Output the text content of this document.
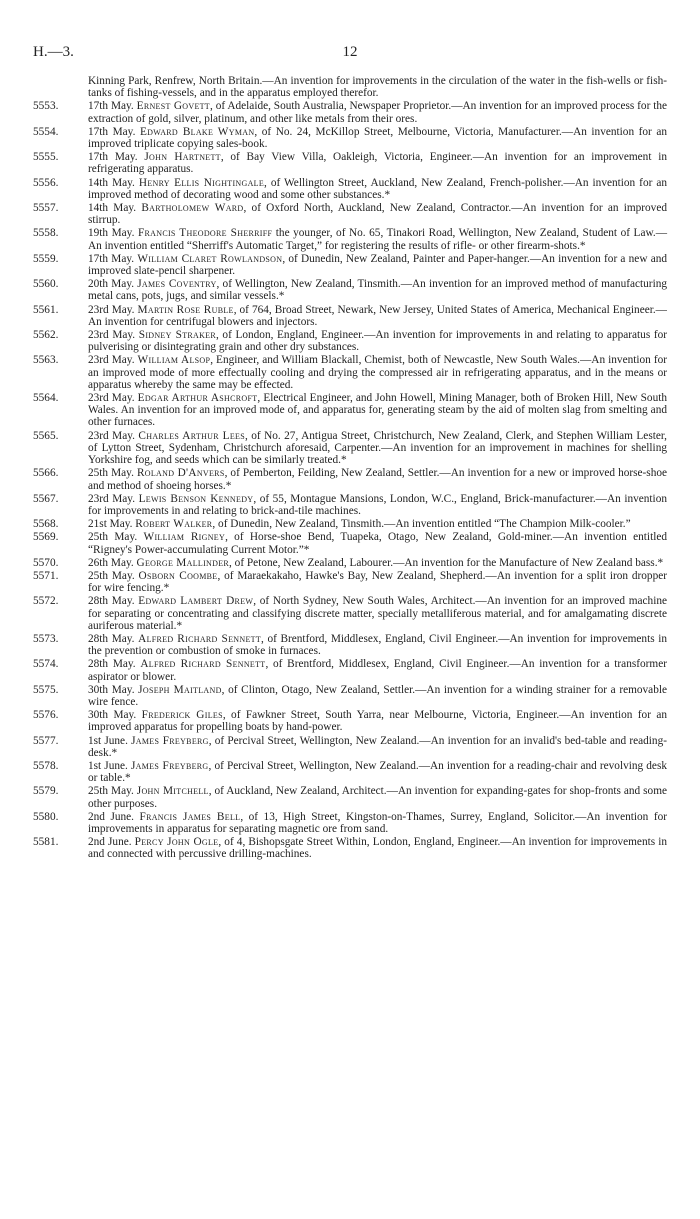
H.—3.	12

Kinning Park, Renfrew, North Britain.—An invention for improvements in the circulation of the water in the fish-wells or fish-tanks of fishing-vessels, and in the apparatus employed therefor.

5553.	17th May. Ernest Govett, of Adelaide, South Australia, Newspaper Proprietor.—An invention for an improved process for the extraction of gold, silver, platinum, and other like metals from their ores.
5554.	17th May. Edward Blake Wyman, of No. 24, McKillop Street, Melbourne, Victoria, Manufacturer.—An invention for an improved triplicate copying sales-book.
5555.	17th May. John Hartnett, of Bay View Villa, Oakleigh, Victoria, Engineer.—An invention for an improvement in refrigerating apparatus.
5556.	14th May. Henry Ellis Nightingale, of Wellington Street, Auckland, New Zealand, French-polisher.—An invention for an improved method of decorating wood and some other substances.*
5557.	14th May. Bartholomew Ward, of Oxford North, Auckland, New Zealand, Contractor.—An invention for an improved stirrup.
5558.	19th May. Francis Theodore Sherriff the younger, of No. 65, Tinakori Road, Wellington, New Zealand, Student of Law.—An invention entitled “Sherriff's Automatic Target,” for registering the results of rifle- or other firearm-shots.*
5559.	17th May. William Claret Rowlandson, of Dunedin, New Zealand, Painter and Paper-hanger.—An invention for a new and improved slate-pencil sharpener.
5560.	20th May. James Coventry, of Wellington, New Zealand, Tinsmith.—An invention for an improved method of manufacturing metal cans, pots, jugs, and similar vessels.*
5561.	23rd May. Martin Rose Ruble, of 764, Broad Street, Newark, New Jersey, United States of America, Mechanical Engineer.—An invention for centrifugal blowers and injectors.
5562.	23rd May. Sidney Straker, of London, England, Engineer.—An invention for improvements in and relating to apparatus for pulverising or disintegrating grain and other dry substances.
5563.	23rd May. William Alsop, Engineer, and William Blackall, Chemist, both of Newcastle, New South Wales.—An invention for an improved mode of more effectually cooling and drying the compressed air in refrigerating apparatus, and in the means or apparatus whereby the same may be effected.
5564.	23rd May. Edgar Arthur Ashcroft, Electrical Engineer, and John Howell, Mining Manager, both of Broken Hill, New South Wales. An invention for an improved mode of, and apparatus for, generating steam by the aid of molten slag from smelting and other furnaces.
5565.	23rd May. Charles Arthur Lees, of No. 27, Antigua Street, Christchurch, New Zealand, Clerk, and Stephen William Lester, of Lytton Street, Sydenham, Christchurch aforesaid, Carpenter.—An invention for an improvement in machines for shelling Yorkshire fog, and seeds which can be similarly treated.*
5566.	25th May. Roland D'Anvers, of Pemberton, Feilding, New Zealand, Settler.—An invention for a new or improved horse-shoe and method of shoeing horses.*
5567.	23rd May. Lewis Benson Kennedy, of 55, Montague Mansions, London, W.C., England, Brick-manufacturer.—An invention for improvements in and relating to brick-and-tile machines.
5568.	21st May. Robert Walker, of Dunedin, New Zealand, Tinsmith.—An invention entitled “The Champion Milk-cooler.”
5569.	25th May. William Rigney, of Horse-shoe Bend, Tuapeka, Otago, New Zealand, Gold-miner.—An invention entitled “Rigney's Power-accumulating Current Motor.”*
5570.	26th May. George Mallinder, of Petone, New Zealand, Labourer.—An invention for the Manufacture of New Zealand bass.*
5571.	25th May. Osborn Coombe, of Maraekakaho, Hawke's Bay, New Zealand, Shepherd.—An invention for a split iron dropper for wire fencing.*
5572.	28th May. Edward Lambert Drew, of North Sydney, New South Wales, Architect.—An invention for an improved machine for separating or concentrating and classifying discrete matter, specially metalliferous material, and for amalgamating discrete auriferous material.*
5573.	28th May. Alfred Richard Sennett, of Brentford, Middlesex, England, Civil Engineer.—An invention for improvements in the prevention or combustion of smoke in furnaces.
5574.	28th May. Alfred Richard Sennett, of Brentford, Middlesex, England, Civil Engineer.—An invention for a transformer aspirator or blower.
5575.	30th May. Joseph Maitland, of Clinton, Otago, New Zealand, Settler.—An invention for a winding strainer for a removable wire fence.
5576.	30th May. Frederick Giles, of Fawkner Street, South Yarra, near Melbourne, Victoria, Engineer.—An invention for an improved apparatus for propelling boats by hand-power.
5577.	1st June. James Freyberg, of Percival Street, Wellington, New Zealand.—An invention for an invalid's bed-table and reading-desk.*
5578.	1st June. James Freyberg, of Percival Street, Wellington, New Zealand.—An invention for a reading-chair and revolving desk or table.*
5579.	25th May. John Mitchell, of Auckland, New Zealand, Architect.—An invention for expanding-gates for shop-fronts and some other purposes.
5580.	2nd June. Francis James Bell, of 13, High Street, Kingston-on-Thames, Surrey, England, Solicitor.—An invention for improvements in apparatus for separating magnetic ore from sand.
5581.	2nd June. Percy John Ogle, of 4, Bishopsgate Street Within, London, England, Engineer.—An invention for improvements in and connected with percussive drilling-machines.
